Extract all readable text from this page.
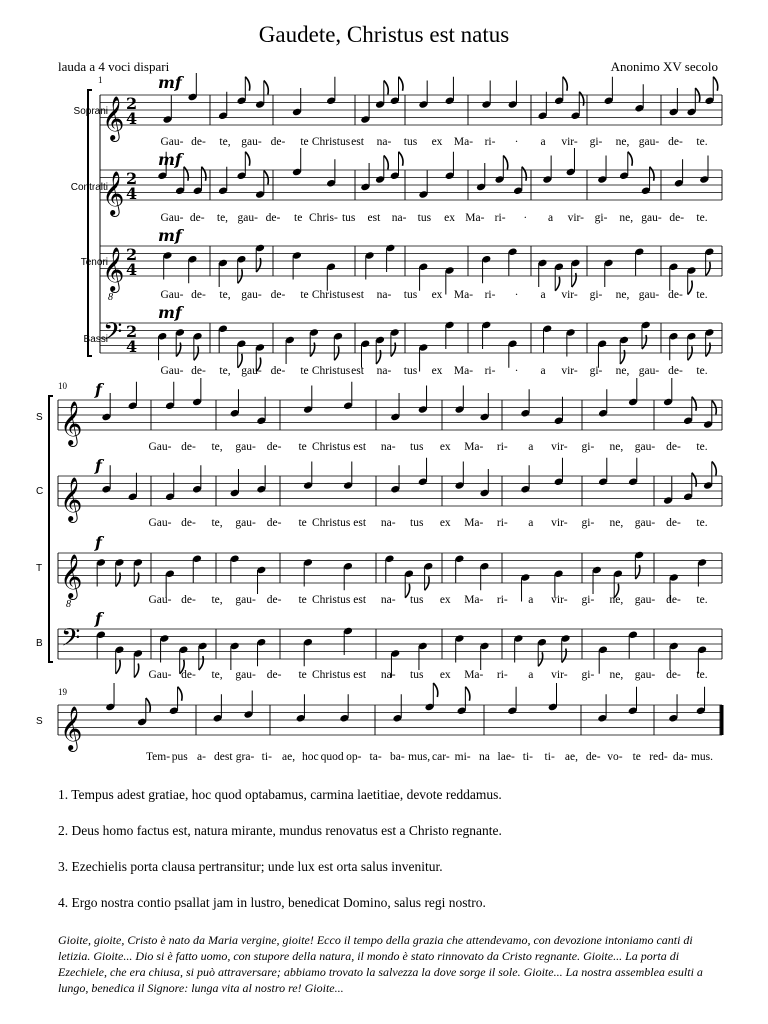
Gaudete, Christus est natus
lauda a 4 voci dispari	Anonimo XV secolo
1
Soprani
Contralti
Tenori
Bassi
mf
mf
mf
mf
10
S
C
T
B
f
f
f
f
19
S
Gau- de- te, gau- de- te Christus est na- tus ex Ma- ri- · a vir- gi- ne, gau- de- te.
Gau- de- te, gau- de- te Chris- tus est na- tus ex Ma- ri- · a vir- gi- ne, gau- de- te.
Gau- de- te, gau- de- te Christus est na- tus ex Ma- ri- · a vir- gi- ne, gau- de- te.
Gau- de- te, gau- de- te Christus est na- tus ex Ma- ri- · a vir- gi- ne, gau- de- te.
Gau- de- te, gau- de- te Christus est na- tus ex Ma- ri- a vir- gi- ne, gau- de- te.
Gau- de- te, gau- de- te Christus est na- tus ex Ma- ri- a vir- gi- ne, gau- de- te.
Gau- de- te, gau- de- te Christus est na- tus ex Ma- ri- a vir- gi- ne, gau- de- te.
Gau- de- te, gau- de- te Christus est na- tus ex Ma- ri- a vir- gi- ne, gau- de- te.
Tem- pus a- dest gra- ti- ae, hoc quod op- ta- ba- mus, car- mi- na lae- ti- ti- ae, de- vo- te red- da- mus.
𝄞 2
4
𝄞 2
4
𝄞
8
2
4
𝄢 2
4
𝄞
𝄞
𝄞
8
𝄢
𝄞
1. Tempus adest gratiae, hoc quod optabamus, carmina laetitiae, devote reddamus.
2. Deus homo factus est, natura mirante, mundus renovatus est a Christo regnante.
3. Ezechielis porta clausa pertransitur; unde lux est orta salus invenitur.
4. Ergo nostra contio psallat jam in lustro, benedicat Domino, salus regi nostro.
Gioite, gioite, Cristo è nato da Maria vergine, gioite! Ecco il tempo della grazia che attendevamo, con devozione intoniamo canti di letizia. Gioite... Dio si è fatto uomo, con stupore della natura, il mondo è stato rinnovato da Cristo regnante. Gioite... La porta di Ezechiele, che era chiusa, si può attraversare; abbiamo trovato la salvezza la dove sorge il sole. Gioite... La nostra assemblea esulti a lungo, benedica il Signore: lunga vita al nostro re! Gioite...
